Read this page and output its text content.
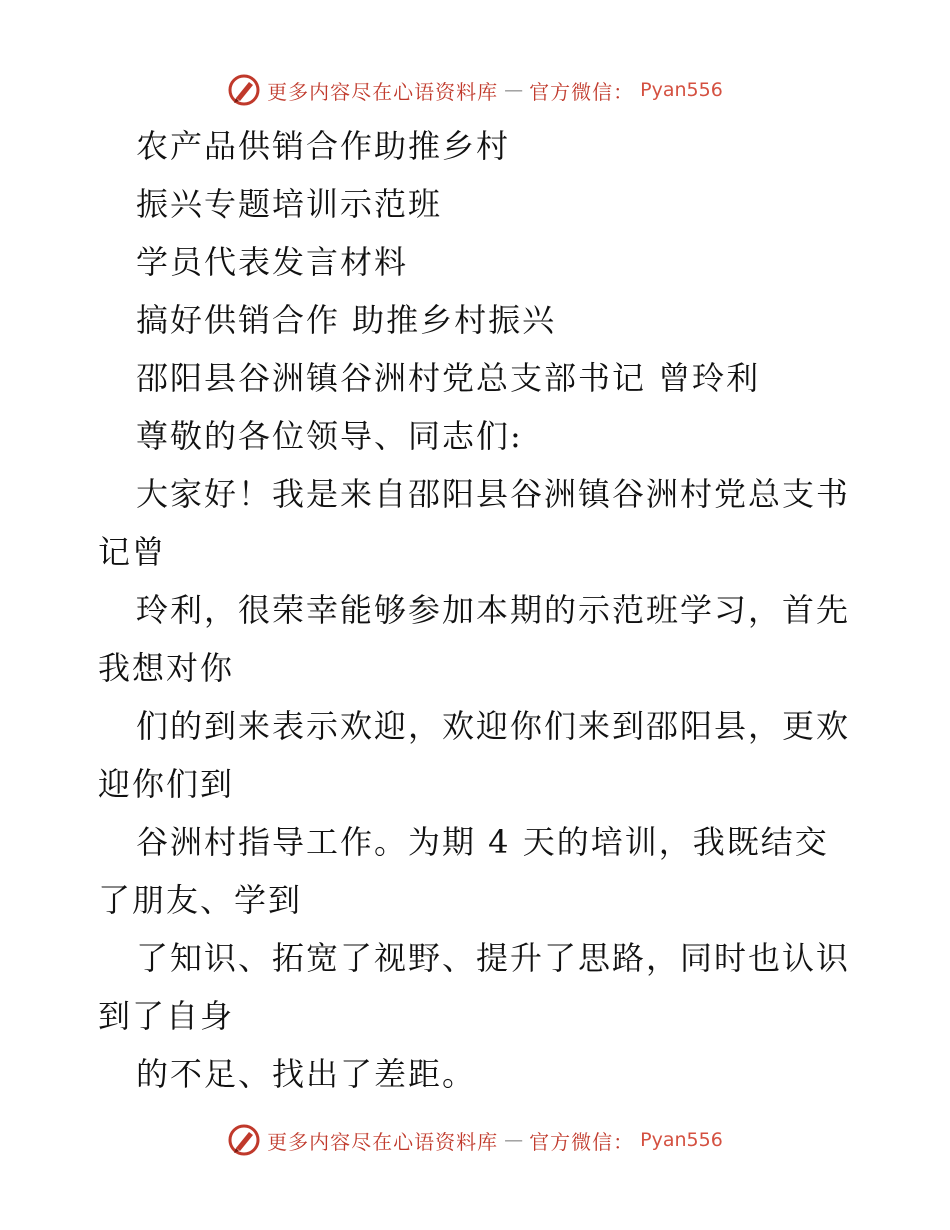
更多内容尽在心语资料库 — 官方微信： Pyan556
农产品供销合作助推乡村
振兴专题培训示范班
学员代表发言材料
搞好供销合作 助推乡村振兴
邵阳县谷洲镇谷洲村党总支部书记 曾玲利
尊敬的各位领导、同志们:
大家好！我是来自邵阳县谷洲镇谷洲村党总支书
记曾
玲利，很荣幸能够参加本期的示范班学习，首先
我想对你
们的到来表示欢迎，欢迎你们来到邵阳县，更欢
迎你们到
谷洲村指导工作。为期 4 天的培训，我既结交
了朋友、学到
了知识、拓宽了视野、提升了思路，同时也认识
到了自身
的不足、找出了差距。
更多内容尽在心语资料库 — 官方微信： Pyan556
